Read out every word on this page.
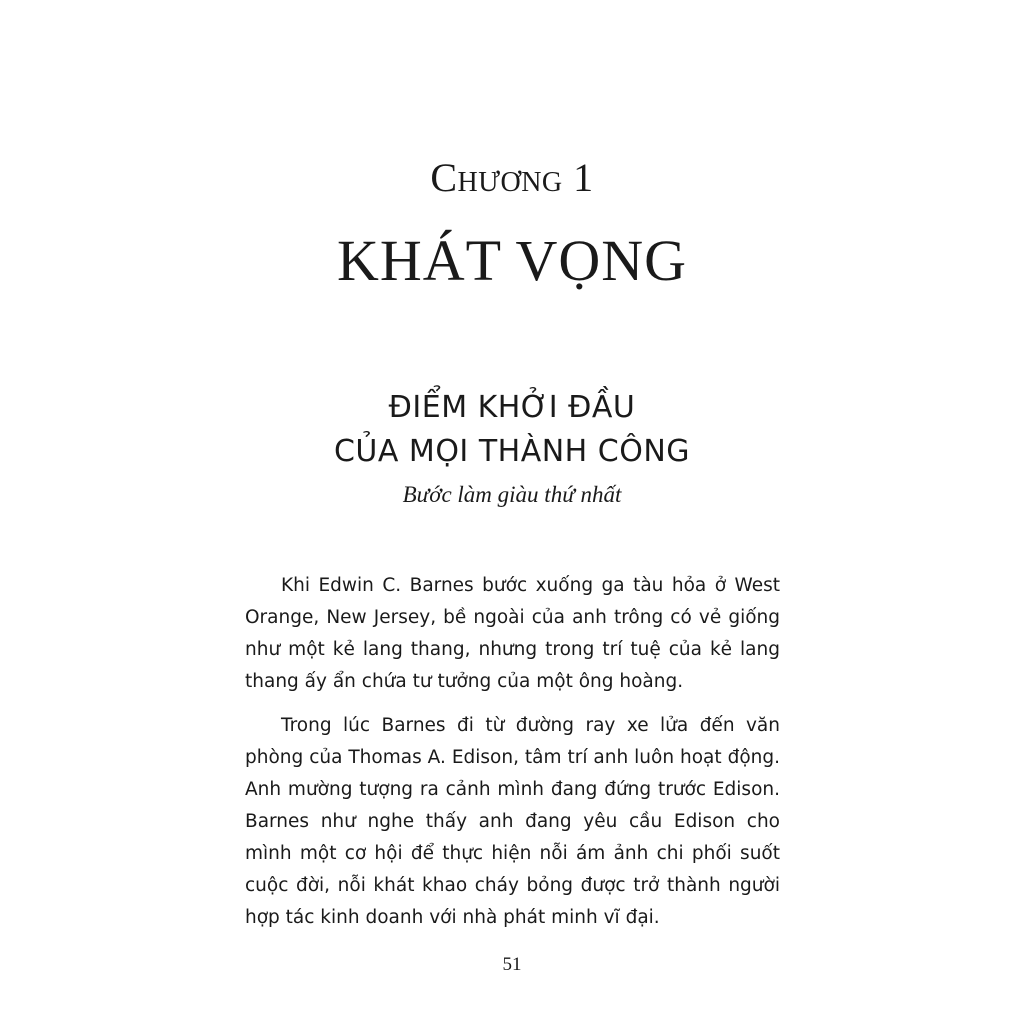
Chương 1
KHÁT VỌNG
ĐIỂM KHỞI ĐẦU
CỦA MỌI THÀNH CÔNG
Bước làm giàu thứ nhất

Khi Edwin C. Barnes bước xuống ga tàu hỏa ở West Orange, New Jersey, bề ngoài của anh trông có vẻ giống như một kẻ lang thang, nhưng trong trí tuệ của kẻ lang thang ấy ẩn chứa tư tưởng của một ông hoàng.

Trong lúc Barnes đi từ đường ray xe lửa đến văn phòng của Thomas A. Edison, tâm trí anh luôn hoạt động. Anh mường tượng ra cảnh mình đang đứng trước Edison. Barnes như nghe thấy anh đang yêu cầu Edison cho mình một cơ hội để thực hiện nỗi ám ảnh chi phối suốt cuộc đời, nỗi khát khao cháy bỏng được trở thành người hợp tác kinh doanh với nhà phát minh vĩ đại.

51
